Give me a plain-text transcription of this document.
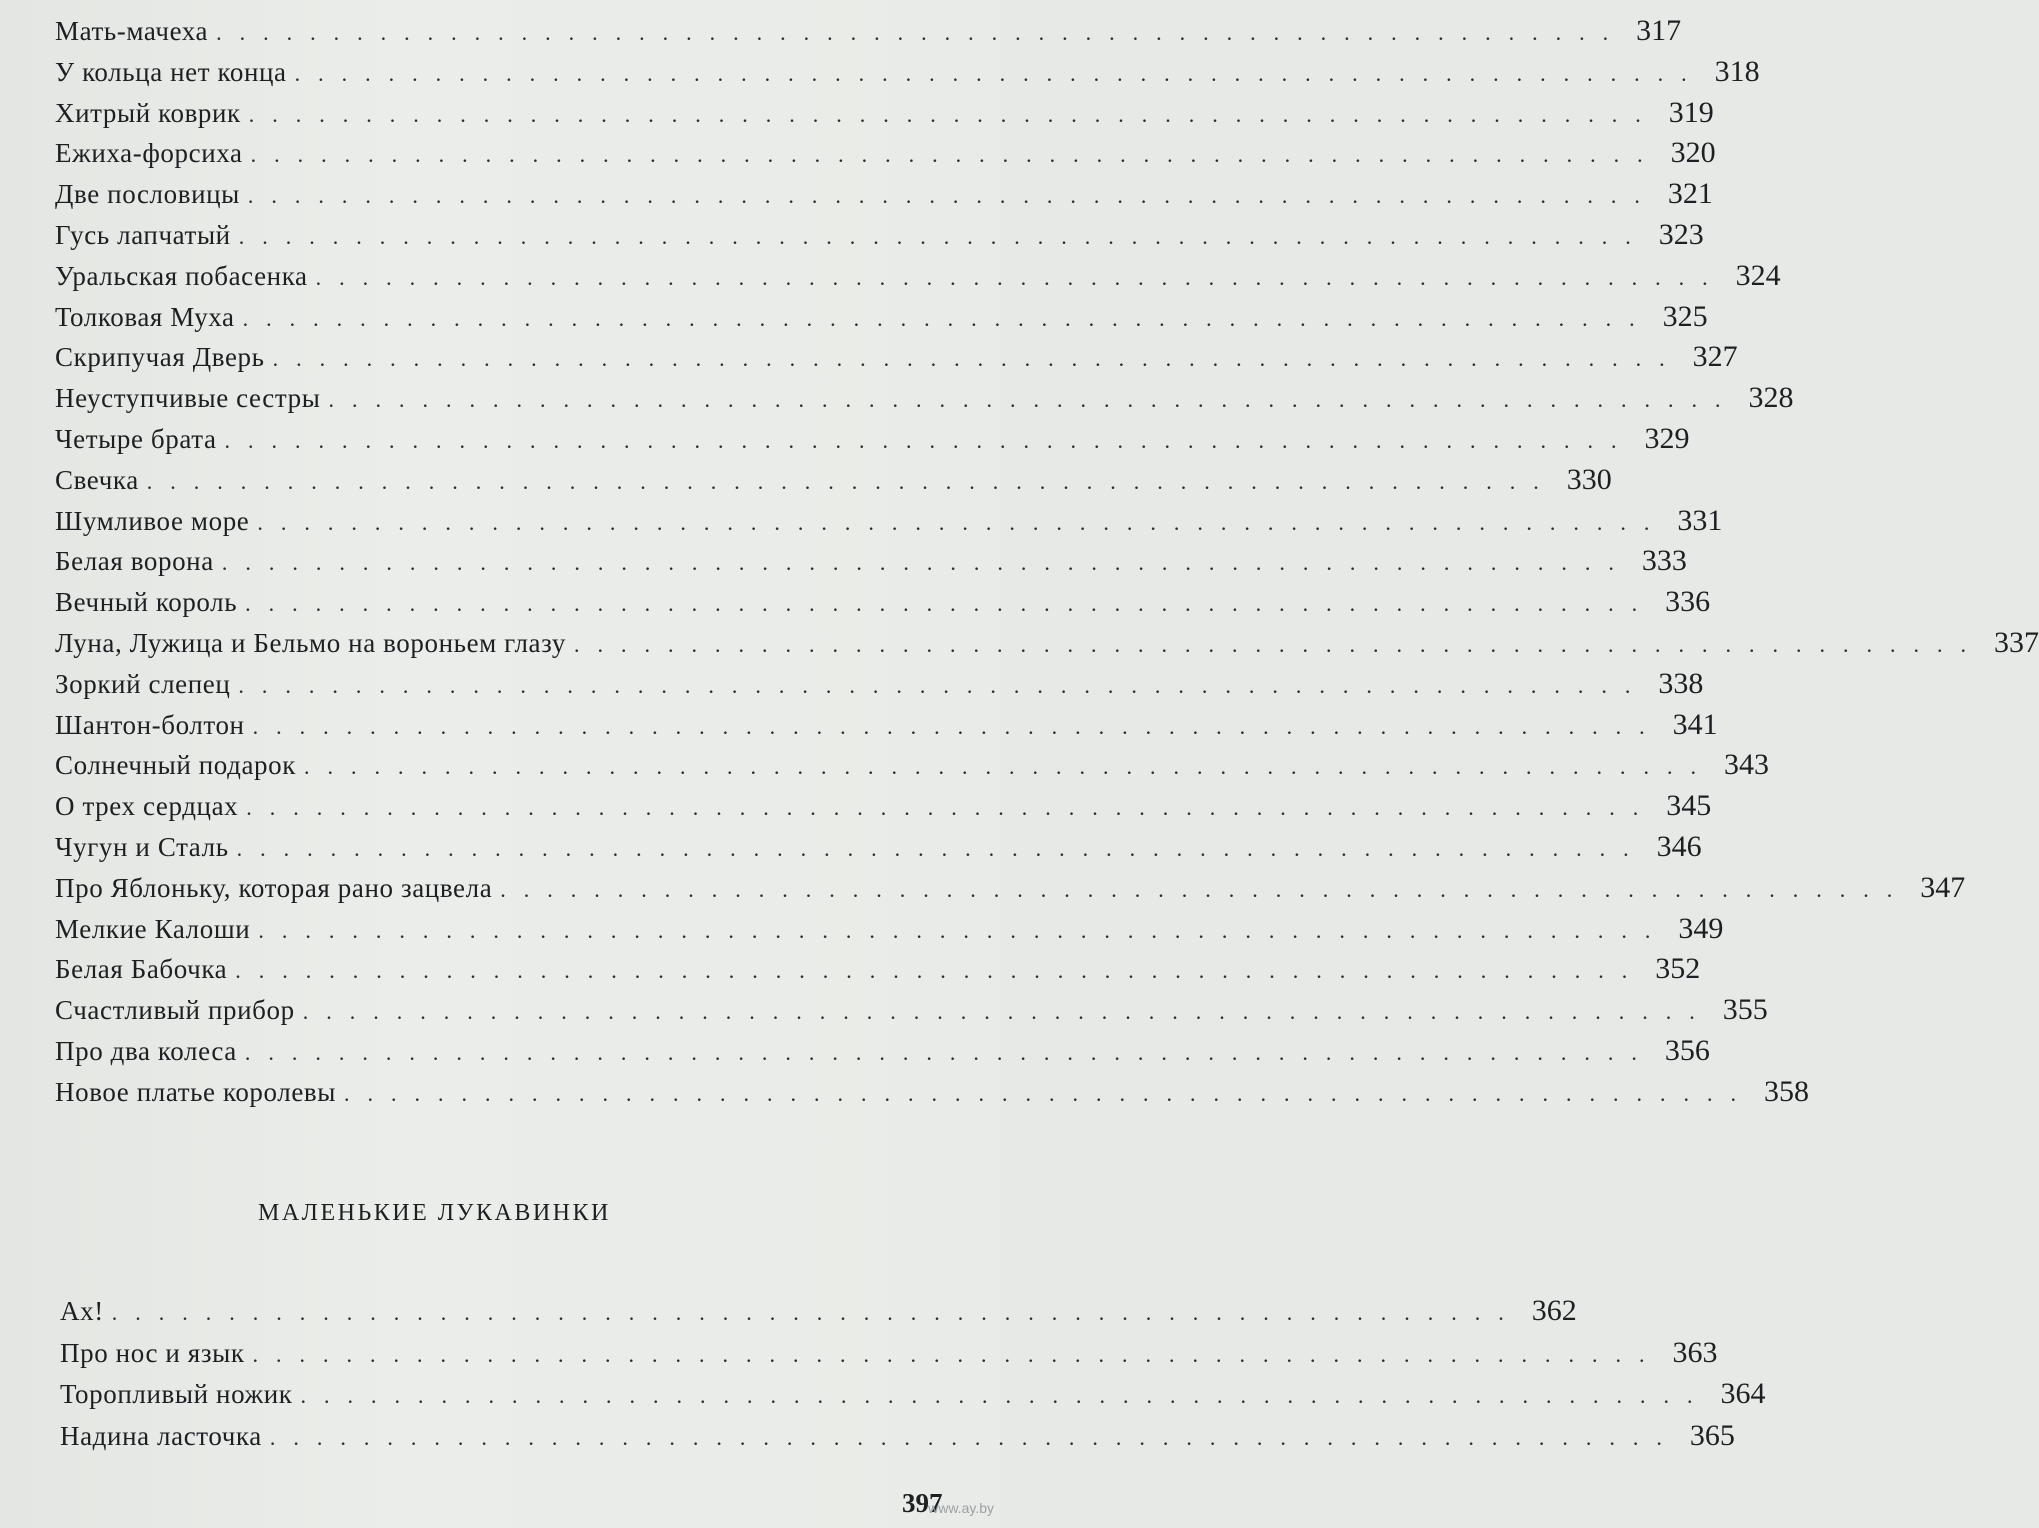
Мать-мачеха ............................................................ 317
У кольца нет конца ............................................................ 318
Хитрый коврик ............................................................ 319
Ежиха-форсиха ............................................................ 320
Две пословицы ............................................................ 321
Гусь лапчатый ............................................................ 323
Уральская побасенка ............................................................ 324
Толковая Муха ............................................................ 325
Скрипучая Дверь ............................................................ 327
Неуступчивые сестры ............................................................ 328
Четыре брата ............................................................ 329
Свечка ............................................................ 330
Шумливое море ............................................................ 331
Белая ворона ............................................................ 333
Вечный король ............................................................ 336
Луна, Лужица и Бельмо на вороньем глазу ............................................................ 337
Зоркий слепец ............................................................ 338
Шантон-болтон ............................................................ 341
Солнечный подарок ............................................................ 343
О трех сердцах ............................................................ 345
Чугун и Сталь ............................................................ 346
Про Яблоньку, которая рано зацвела ............................................................ 347
Мелкие Калоши ............................................................ 349
Белая Бабочка ............................................................ 352
Счастливый прибор ............................................................ 355
Про два колеса ............................................................ 356
Новое платье королевы ............................................................ 358
МАЛЕНЬКИЕ ЛУКАВИНКИ
Ах! ............................................................ 362
Про нос и язык ............................................................ 363
Торопливый ножик ............................................................ 364
Надина ласточка ............................................................ 365
397
www.ay.by
